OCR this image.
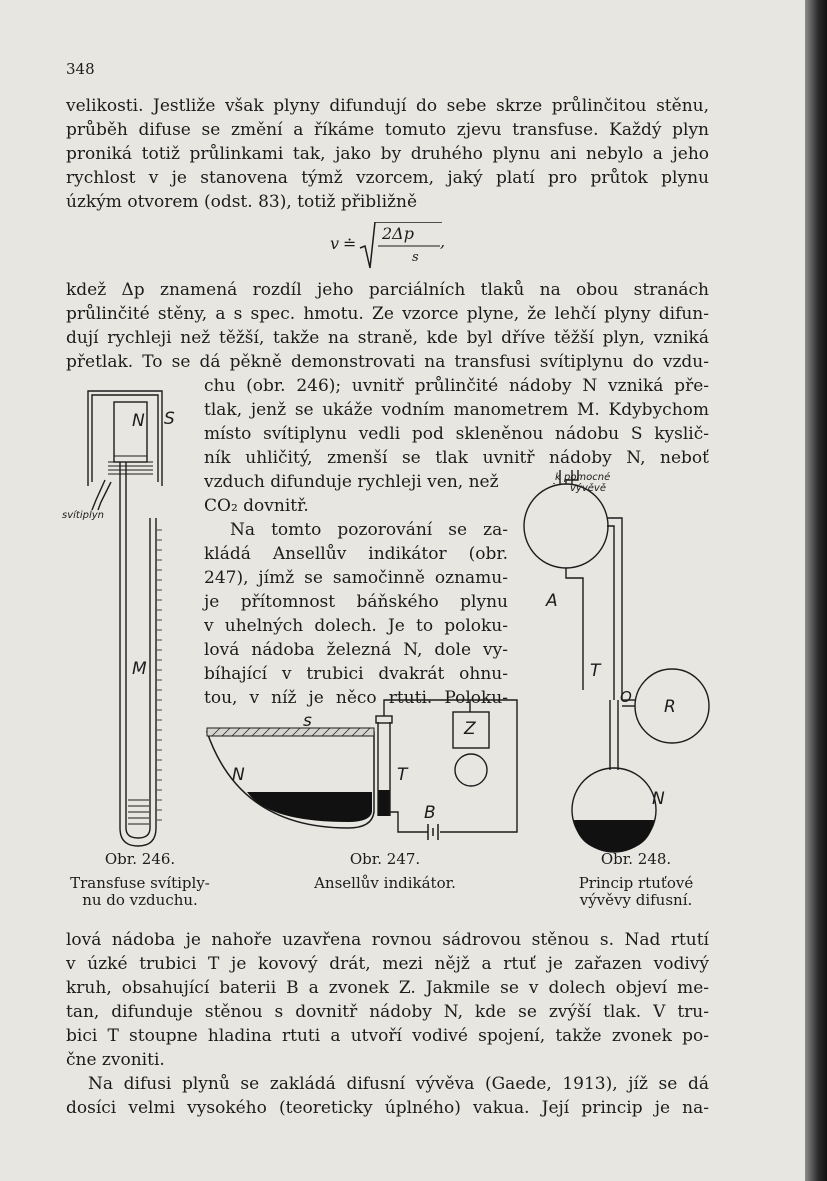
348
velikosti. Jestliže však plyny difundují do sebe skrze průlinčitou stěnu,
průběh difuse se změní a říkáme tomuto zjevu transfuse. Každý plyn
proniká totiž průlinkami tak, jako by druhého plynu ani nebylo a jeho
rychlost v je stanovena týmž vzorcem, jaký platí pro průtok plynu
úzkým otvorem (odst. 83), totiž přibližně
v ≐
2Δp ,
s
kdež Δp znamená rozdíl jeho parciálních tlaků na obou stranách
průlinčité stěny, a s spec. hmotu. Ze vzorce plyne, že lehčí plyny difun-
dují rychleji než těžší, takže na straně, kde byl dříve těžší plyn, vzniká
přetlak. To se dá pěkně demonstrovati na transfusi svítiplynu do vzdu-
chu (obr. 246); uvnitř průlinčité nádoby N vzniká pře-
tlak, jenž se ukáže vodním manometrem M. Kdybychom
místo svítiplynu vedli pod skleněnou nádobu S kyslič-
ník uhličitý, zmenší se tlak uvnitř nádoby N, neboť
vzduch difunduje rychleji ven, než
CO₂ dovnitř.
Na tomto pozorování se za-
kládá Ansellův indikátor (obr.
247), jímž se samočinně oznamu-
je přítomnost báňského plynu
v uhelných dolech. Je to poloku-
lová nádoba železná N, dole vy-
bíhající v trubici dvakrát ohnu-
tou, v níž je něco rtuti. Poloku-
N S
M
svítiplyn
Obr. 246.
Transfuse svítiply-
nu do vzduchu.
s
N	T
Z
B
Obr. 247.
Ansellův indikátor.
k pomocné
vývěvě
A
T
O R
N
Obr. 248.
Princip rtuťové
vývěvy difusní.
lová nádoba je nahoře uzavřena rovnou sádrovou stěnou s. Nad rtutí
v úzké trubici T je kovový drát, mezi nějž a rtuť je zařazen vodivý
kruh, obsahující baterii B a zvonek Z. Jakmile se v dolech objeví me-
tan, difunduje stěnou s dovnitř nádoby N, kde se zvýší tlak. V tru-
bici T stoupne hladina rtuti a utvoří vodivé spojení, takže zvonek po-
čne zvoniti.
Na difusi plynů se zakládá difusní vývěva (Gaede, 1913), jíž se dá
dosíci velmi vysokého (teoreticky úplného) vakua. Její princip je na-
